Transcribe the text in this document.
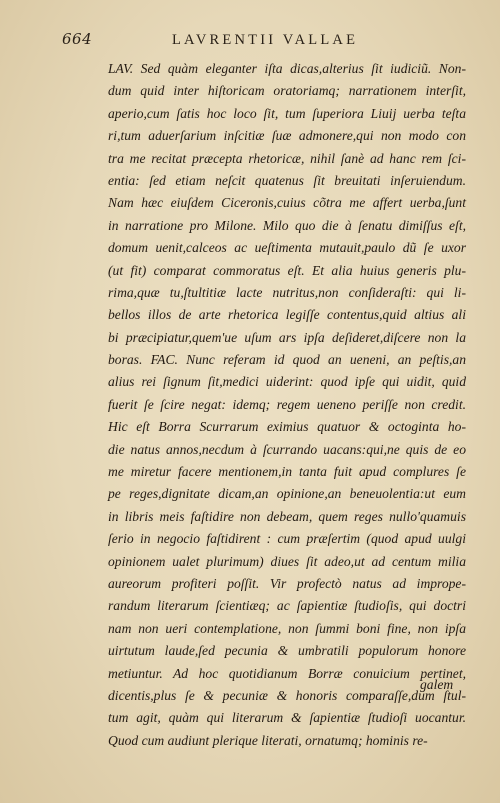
664	LAVRENTII VALLAE
LAV. Sed quàm eleganter iſta dicas,alterius ſit iudiciũ. Non-
dum quid inter hiſtoricam oratoriamq; narrationem interſit,
aperio,cum ſatis hoc loco ſit, tum ſuperiora Liuij uerba teſta
ri,tum aduerſarium inſcitiæ ſuæ admonere,qui non modo con
tra me recitat præcepta rhetoricæ, nihil ſanè ad hanc rem ſci-
entia: ſed etiam neſcit quatenus ſit breuitati inſeruiendum.
Nam hæc eiuſdem Ciceronis,cuius cõtra me affert uerba,ſunt
in narratione pro Milone. Milo quo die à ſenatu dimiſſus eſt,
domum uenit,calceos ac ueſtimenta mutauit,paulo dũ ſe uxor
(ut fit) comparat commoratus eſt. Et alia huius generis plu-
rima,quæ tu,ſtultitiæ lacte nutritus,non conſideraſti: qui li-
bellos illos de arte rhetorica legiſſe contentus,quid altius ali
bi præcipiatur,quem'ue uſum ars ipſa deſideret,diſcere non la
boras. FAC. Nunc referam id quod an ueneni, an peſtis,an
alius rei ſignum ſit,medici uiderint: quod ipſe qui uidit, quid
fuerit ſe ſcire negat: idemq; regem ueneno periſſe non credit.
Hic eſt Borra Scurrarum eximius quatuor & octoginta ho-
die natus annos,necdum à ſcurrando uacans:qui,ne quis de eo
me miretur facere mentionem,in tanta fuit apud complures ſe
pe reges,dignitate dicam,an opinione,an beneuolentia:ut eum
in libris meis faſtidire non debeam, quem reges nullo'quamuis
ſerio in negocio faſtidirent : cum præſertim (quod apud uulgi
opinionem ualet plurimum) diues ſit adeo,ut ad centum milia
aureorum profiteri poſſit. Vir profectò natus ad imprope-
randum literarum ſcientiæq; ac ſapientiæ ſtudioſis, qui doctri
nam non ueri contemplatione, non ſummi boni fine, non ipſa
uirtutum laude,ſed pecunia & umbratili populorum honore
metiuntur. Ad hoc quotidianum Borræ conuicium pertinet,
dicentis,plus ſe & pecuniæ & honoris comparaſſe,dum ſtul-
tum agit, quàm qui literarum & ſapientiæ ſtudioſi uocantur.
Quod cum audiunt plerique literati, ornatumq; hominis re-
galem
